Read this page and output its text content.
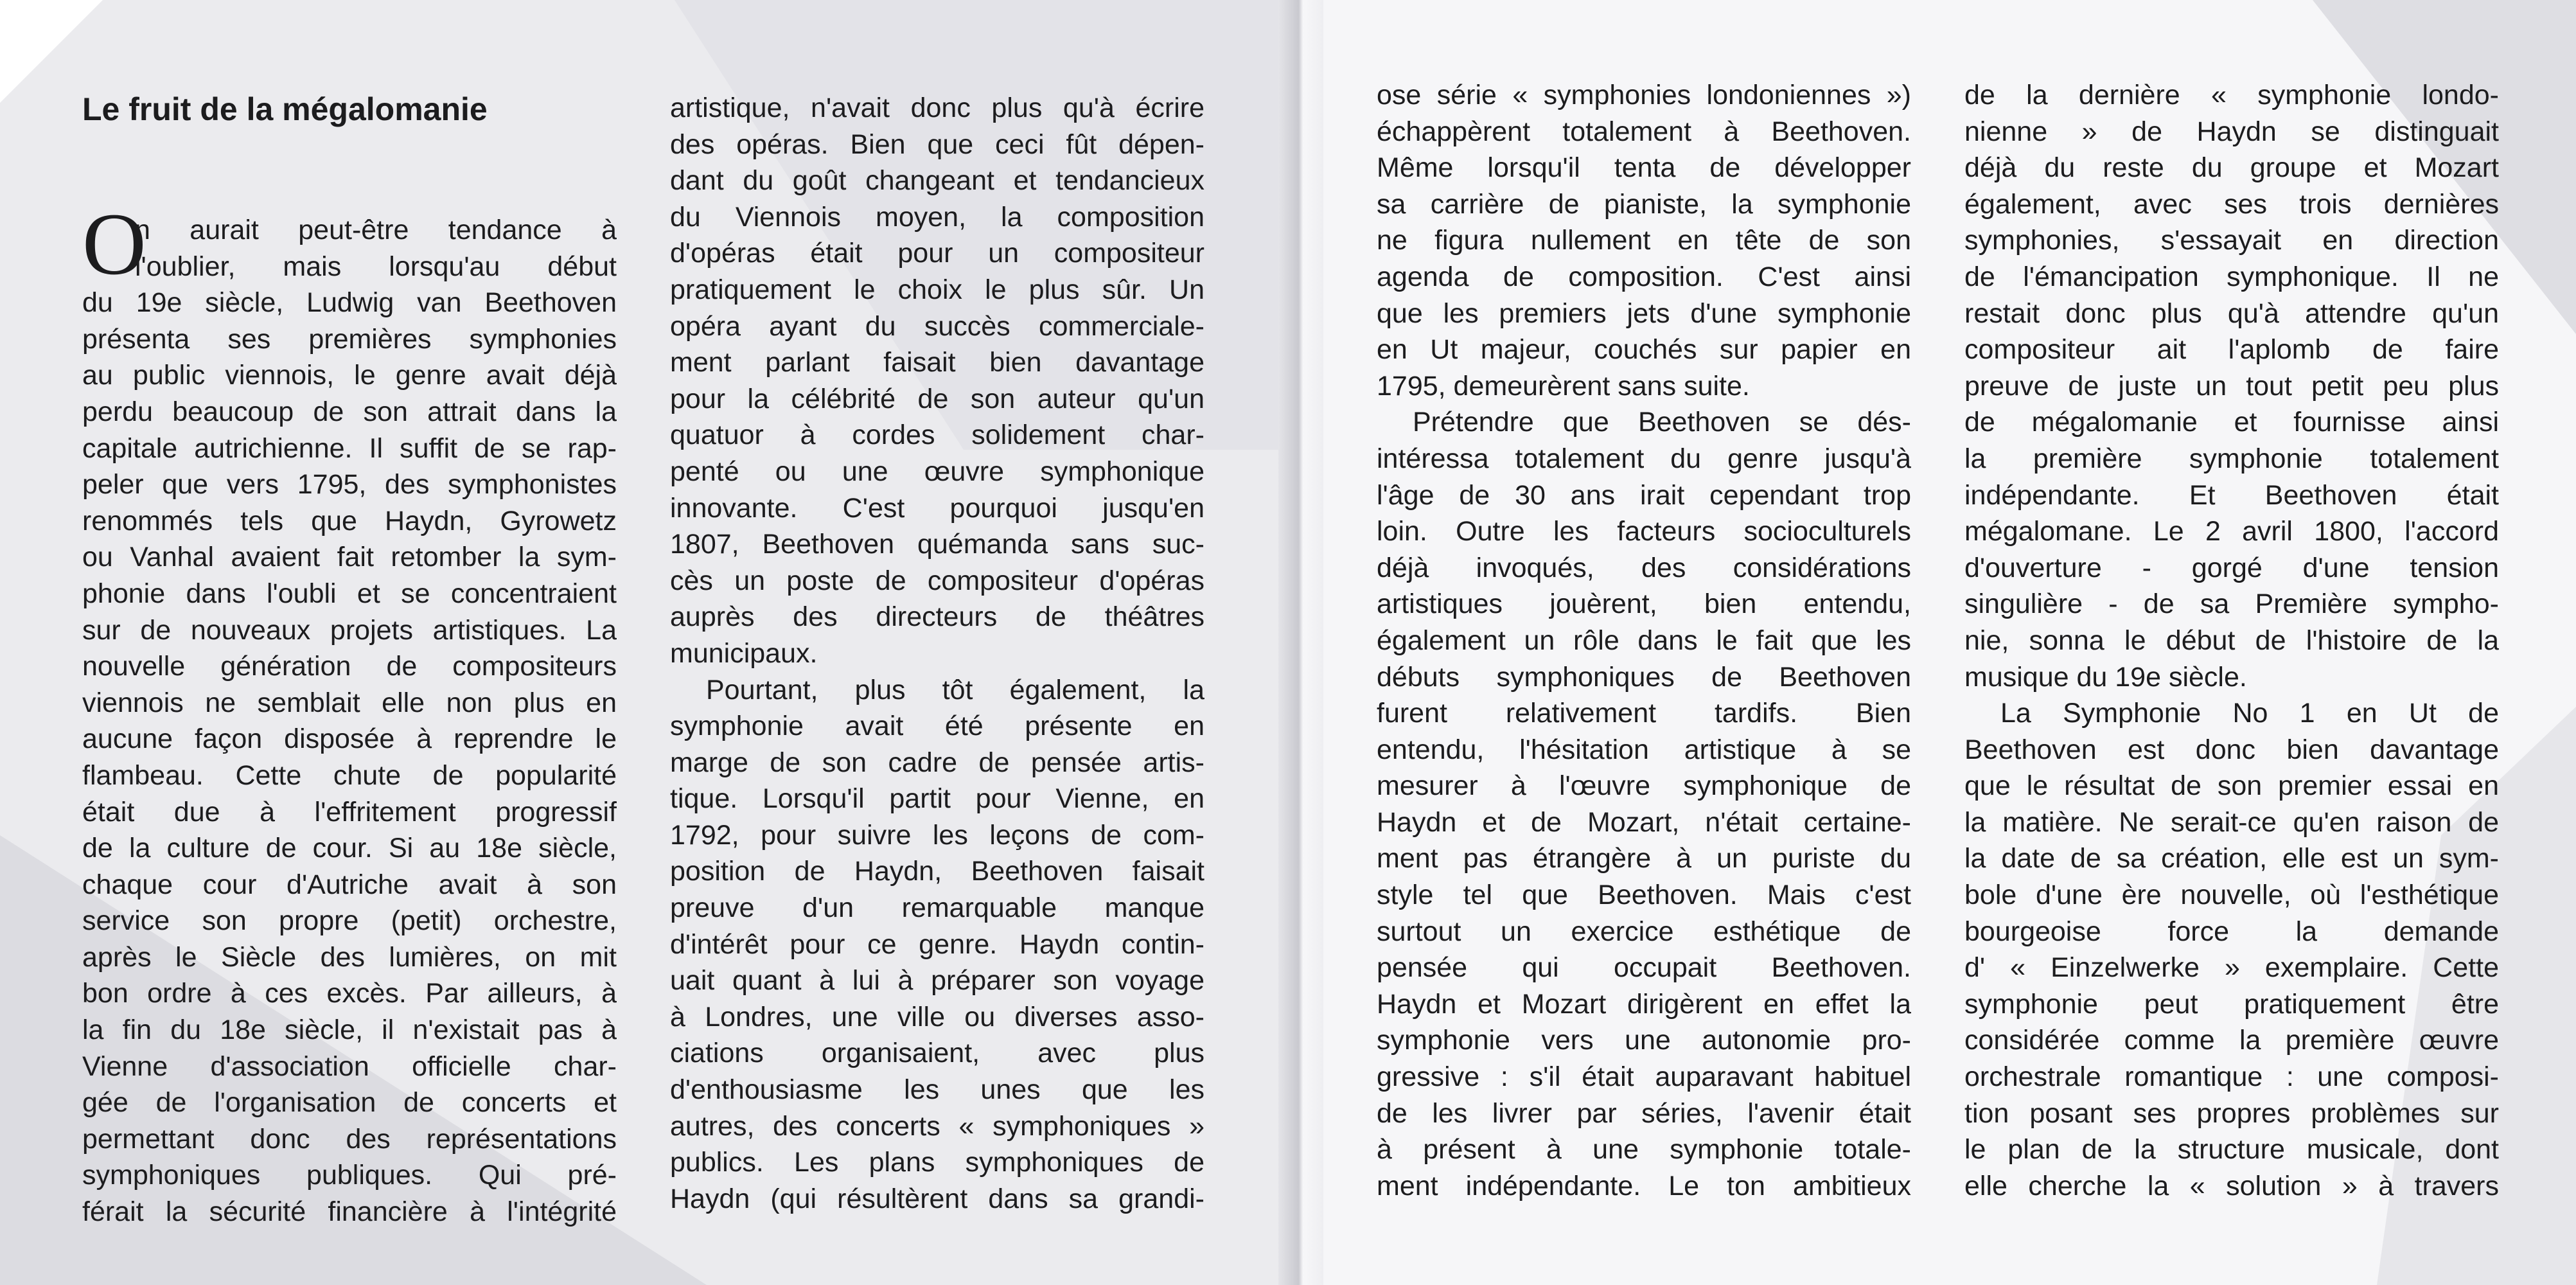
Le fruit de la mégalomanie
O
n aurait peut-être tendance à
l'oublier, mais lorsqu'au début
du 19e siècle, Ludwig van Beethoven
présenta ses premières symphonies
au public viennois, le genre avait déjà
perdu beaucoup de son attrait dans la
capitale autrichienne. Il suffit de se rap-
peler que vers 1795, des symphonistes
renommés tels que Haydn, Gyrowetz
ou Vanhal avaient fait retomber la sym-
phonie dans l'oubli et se concentraient
sur de nouveaux projets artistiques. La
nouvelle génération de compositeurs
viennois ne semblait elle non plus en
aucune façon disposée à reprendre le
flambeau. Cette chute de popularité
était due à l'effritement progressif
de la culture de cour. Si au 18e siècle,
chaque cour d'Autriche avait à son
service son propre (petit) orchestre,
après le Siècle des lumières, on mit
bon ordre à ces excès. Par ailleurs, à
la fin du 18e siècle, il n'existait pas à
Vienne d'association officielle char-
gée de l'organisation de concerts et
permettant donc des représentations
symphoniques publiques. Qui pré-
férait la sécurité financière à l'intégrité
artistique, n'avait donc plus qu'à écrire
des opéras. Bien que ceci fût dépen-
dant du goût changeant et tendancieux
du Viennois moyen, la composition
d'opéras était pour un compositeur
pratiquement le choix le plus sûr. Un
opéra ayant du succès commerciale-
ment parlant faisait bien davantage
pour la célébrité de son auteur qu'un
quatuor à cordes solidement char-
penté ou une œuvre symphonique
innovante. C'est pourquoi jusqu'en
1807, Beethoven quémanda sans suc-
cès un poste de compositeur d'opéras
auprès des directeurs de théâtres
municipaux.
Pourtant, plus tôt également, la
symphonie avait été présente en
marge de son cadre de pensée artis-
tique. Lorsqu'il partit pour Vienne, en
1792, pour suivre les leçons de com-
position de Haydn, Beethoven faisait
preuve d'un remarquable manque
d'intérêt pour ce genre. Haydn contin-
uait quant à lui à préparer son voyage
à Londres, une ville ou diverses asso-
ciations organisaient, avec plus
d'enthousiasme les unes que les
autres, des concerts « symphoniques »
publics. Les plans symphoniques de
Haydn (qui résultèrent dans sa grandi-
ose série « symphonies londoniennes »)
échappèrent totalement à Beethoven.
Même lorsqu'il tenta de développer
sa carrière de pianiste, la symphonie
ne figura nullement en tête de son
agenda de composition. C'est ainsi
que les premiers jets d'une symphonie
en Ut majeur, couchés sur papier en
1795, demeurèrent sans suite.
Prétendre que Beethoven se dés-
intéressa totalement du genre jusqu'à
l'âge de 30 ans irait cependant trop
loin. Outre les facteurs socioculturels
déjà invoqués, des considérations
artistiques jouèrent, bien entendu,
également un rôle dans le fait que les
débuts symphoniques de Beethoven
furent relativement tardifs. Bien
entendu, l'hésitation artistique à se
mesurer à l'œuvre symphonique de
Haydn et de Mozart, n'était certaine-
ment pas étrangère à un puriste du
style tel que Beethoven. Mais c'est
surtout un exercice esthétique de
pensée qui occupait Beethoven.
Haydn et Mozart dirigèrent en effet la
symphonie vers une autonomie pro-
gressive : s'il était auparavant habituel
de les livrer par séries, l'avenir était
à présent à une symphonie totale-
ment indépendante. Le ton ambitieux
de la dernière « symphonie londo-
nienne » de Haydn se distinguait
déjà du reste du groupe et Mozart
également, avec ses trois dernières
symphonies, s'essayait en direction
de l'émancipation symphonique. Il ne
restait donc plus qu'à attendre qu'un
compositeur ait l'aplomb de faire
preuve de juste un tout petit peu plus
de mégalomanie et fournisse ainsi
la première symphonie totalement
indépendante. Et Beethoven était
mégalomane. Le 2 avril 1800, l'accord
d'ouverture - gorgé d'une tension
singulière - de sa Première sympho-
nie, sonna le début de l'histoire de la
musique du 19e siècle.
La Symphonie No 1 en Ut de
Beethoven est donc bien davantage
que le résultat de son premier essai en
la matière. Ne serait-ce qu'en raison de
la date de sa création, elle est un sym-
bole d'une ère nouvelle, où l'esthétique
bourgeoise force la demande
d' « Einzelwerke » exemplaire. Cette
symphonie peut pratiquement être
considérée comme la première œuvre
orchestrale romantique : une composi-
tion posant ses propres problèmes sur
le plan de la structure musicale, dont
elle cherche la « solution » à travers
